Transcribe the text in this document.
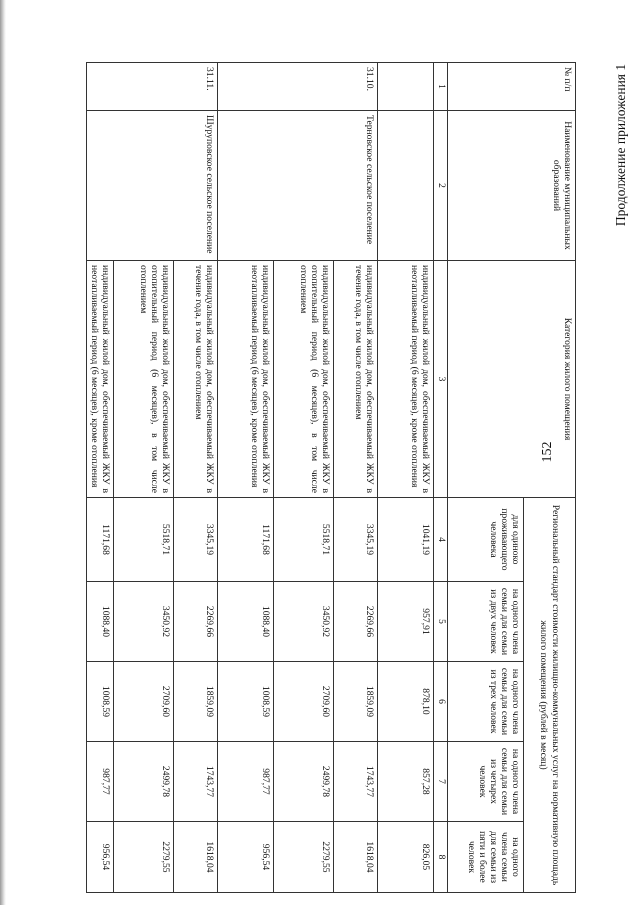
152
Продолжение приложения 1
№ п/п	Наименование муниципальных образований	Категория жилого помещения	Региональный стандарт стоимости жилищно-коммунальных услуг на нормативную площадь жилого помещения (рублей в месяц)				
			для одиноко проживающего человека	на одного члена семьи для семьи из двух человек	на одного члена семьи для семьи из трех человек	на одного члена семьи для семьи из четырех человек	на одного члена семьи для семьи из пяти и более человек
1	2	3	4	5	6	7	8
		индивидуальный жилой дом, обеспечиваемый ЖКУ в неотапливаемый период (6 месяцев), кроме отопления	1041,19	957,91	878,10	857,28	826,05
31.10.	Терновское сельское поселение	индивидуальный жилой дом, обеспечиваемый ЖКУ в течение года, в том числе отоплением	3345,19	2269,66	1859,09	1743,77	1618,04
		индивидуальный жилой дом, обеспечиваемый ЖКУ в отопительный период (6 месяцев), в том числе отоплением	5518,71	3450,92	2709,60	2499,78	2279,55
		индивидуальный жилой дом, обеспечиваемый ЖКУ в неотапливаемый период (6 месяцев), кроме отопления	1171,68	1088,40	1008,59	987,77	956,54
31.11.	Шуруповское сельское поселение	индивидуальный жилой дом, обеспечиваемый ЖКУ в течение года, в том числе отоплением	3345,19	2269,66	1859,09	1743,77	1618,04
		индивидуальный жилой дом, обеспечиваемый ЖКУ в отопительный период (6 месяцев), в том числе отоплением	5518,71	3450,92	2709,60	2499,78	2279,55
		индивидуальный жилой дом, обеспечиваемый ЖКУ в неотапливаемый период (6 месяцев), кроме отопления	1171,68	1088,40	1008,59	987,77	956,54
